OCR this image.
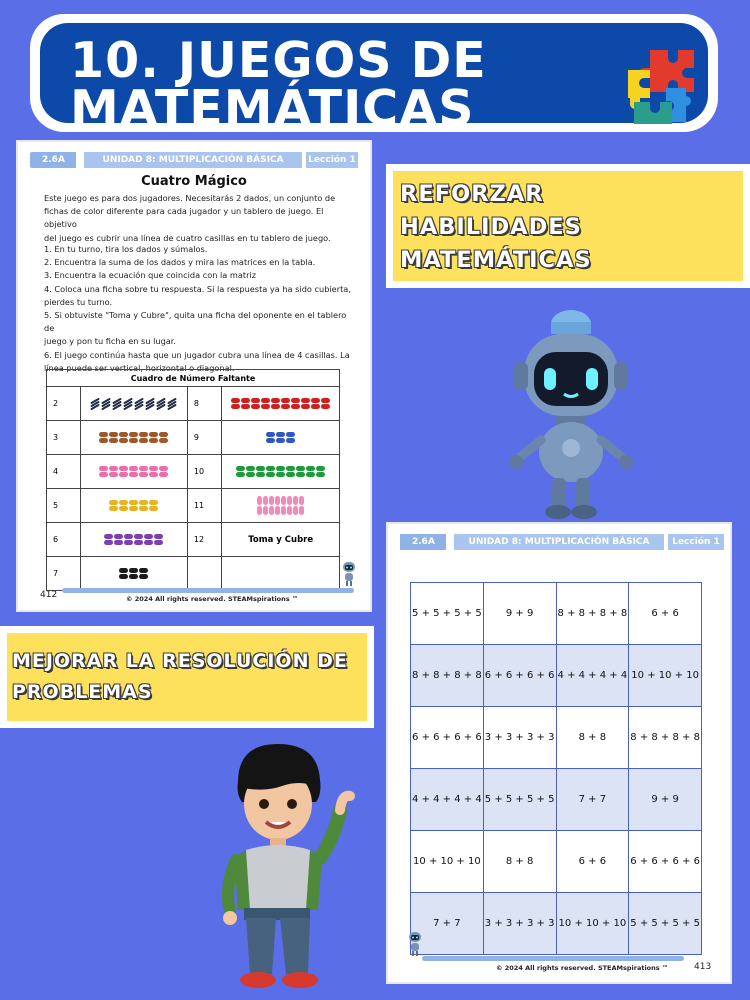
10. JUEGOS DE
MATEMÁTICAS
2.6A	UNIDAD 8: MULTIPLICACIÓN BÁSICA	Lección 1
Cuatro Mágico
Este juego es para dos jugadores. Necesitarás 2 dados, un conjunto de
fichas de color diferente para cada jugador y un tablero de juego. El objetivo
del juego es cubrir una línea de cuatro casillas en tu tablero de juego.
1. En tu turno, tira los dados y súmalos.
2. Encuentra la suma de los dados y mira las matrices en la tabla.
3. Encuentra la ecuación que coincida con la matriz
4. Coloca una ficha sobre tu respuesta. Si la respuesta ya ha sido cubierta,
pierdes tu turno.
5. Si obtuviste "Toma y Cubre", quita una ficha del oponente en el tablero de
juego y pon tu ficha en su lugar.
6. El juego continúa hasta que un jugador cubra una línea de 4 casillas. La
línea puede ser vertical, horizontal o diagonal.
Cuadro de Número Faltante			
2		8	

3		9	

4		10	

5		11	

6		12	Toma y Cubre
7	

412	© 2024 All rights reserved. STEAMspirations ™
REFORZAR
HABILIDADES
MATEMÁTICAS
MEJORAR LA RESOLUCIÓN DE
PROBLEMAS
2.6A	UNIDAD 8: MULTIPLICACIÓN BÁSICA	Lección 1
5 + 5 + 5 + 5	9 + 9	8 + 8 + 8 + 8	6 + 6
8 + 8 + 8 + 8	6 + 6 + 6 + 6	4 + 4 + 4 + 4	10 + 10 + 10
6 + 6 + 6 + 6	3 + 3 + 3 + 3	8 + 8	8 + 8 + 8 + 8
4 + 4 + 4 + 4	5 + 5 + 5 + 5	7 + 7	9 + 9
10 + 10 + 10	8 + 8	6 + 6	6 + 6 + 6 + 6
7 + 7	3 + 3 + 3 + 3	10 + 10 + 10	5 + 5 + 5 + 5
© 2024 All rights reserved. STEAMspirations ™	413
